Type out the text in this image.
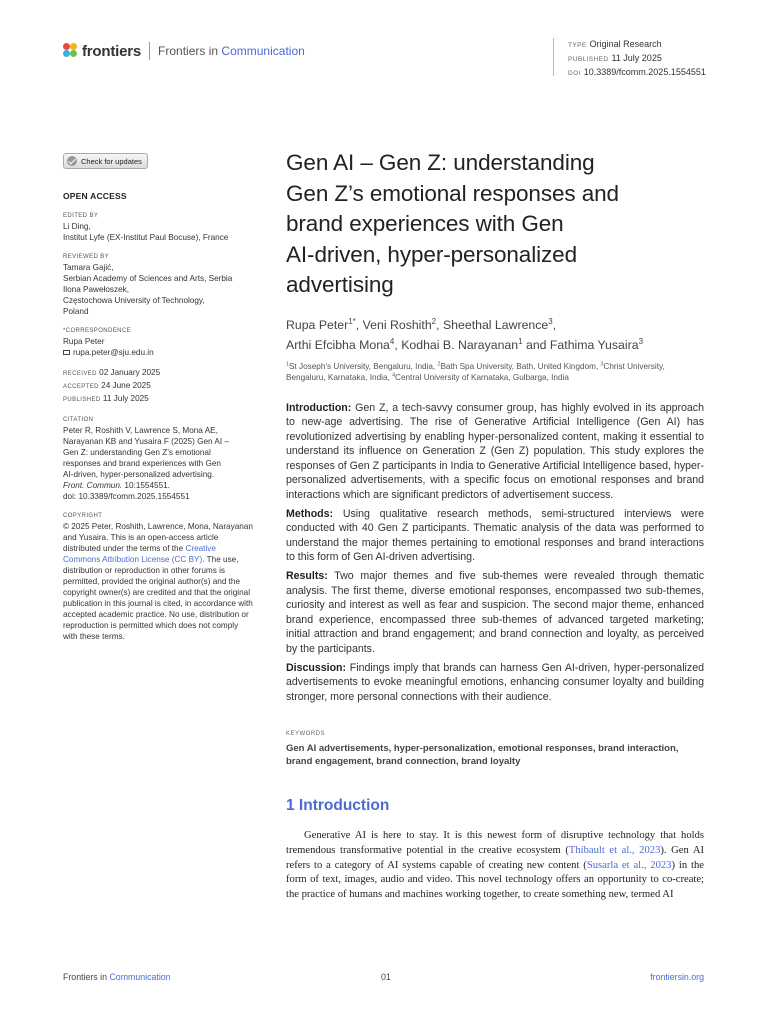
frontiers Frontiers in Communication	TYPE Original Research
PUBLISHED 11 July 2025
DOI 10.3389/fcomm.2025.1554551
Check for updates
OPEN ACCESS
EDITED BY
Li Ding,
Institut Lyfe (EX-Institut Paul Bocuse), France
REVIEWED BY
Tamara Gajić,
Serbian Academy of Sciences and Arts, Serbia
Ilona Pawełoszek,
Częstochowa University of Technology,
Poland
*CORRESPONDENCE
Rupa Peter
rupa.peter@sju.edu.in
RECEIVED 02 January 2025
ACCEPTED 24 June 2025
PUBLISHED 11 July 2025
CITATION
Peter R, Roshith V, Lawrence S, Mona AE,
Narayanan KB and Yusaira F (2025) Gen AI –
Gen Z: understanding Gen Z’s emotional
responses and brand experiences with Gen
AI-driven, hyper-personalized advertising.
Front. Commun. 10:1554551.
doi: 10.3389/fcomm.2025.1554551
COPYRIGHT
© 2025 Peter, Roshith, Lawrence, Mona, Narayanan and Yusaira. This is an open-access article distributed under the terms of the Creative Commons Attribution License (CC BY). The use, distribution or reproduction in other forums is permitted, provided the original author(s) and the copyright owner(s) are credited and that the original publication in this journal is cited, in accordance with accepted academic practice. No use, distribution or reproduction is permitted which does not comply with these terms.
Gen AI – Gen Z: understanding
Gen Z’s emotional responses and
brand experiences with Gen
AI-driven, hyper-personalized
advertising
Rupa Peter$^{1*}$, Veni Roshith$^2$, Sheethal Lawrence$^3$,
Arthi Efcibha Mona$^4$, Kodhai B. Narayanan$^1$ and Fathima Yusaira$^3$
$^1$St Joseph’s University, Bengaluru, India, $^2$Bath Spa University, Bath, United Kingdom, $^3$Christ University, Bengaluru, Karnataka, India, $^4$Central University of Karnataka, Gulbarga, India

Introduction: Gen Z, a tech-savvy consumer group, has highly evolved in its approach to new-age advertising. The rise of Generative Artificial Intelligence (Gen AI) has revolutionized advertising by enabling hyper-personalized content, making it essential to understand its influence on Generation Z (Gen Z) population. This study explores the responses of Gen Z participants in India to Generative Artificial Intelligence based, hyper-personalized advertisements, with a specific focus on emotional responses and brand interactions which are significant predictors of advertisement success.

Methods: Using qualitative research methods, semi-structured interviews were conducted with 40 Gen Z participants. Thematic analysis of the data was performed to understand the major themes pertaining to emotional responses and brand interactions to this form of Gen AI-driven advertising.

Results: Two major themes and five sub-themes were revealed through thematic analysis. The first theme, diverse emotional responses, encompassed two sub-themes, curiosity and interest as well as fear and suspicion. The second major theme, enhanced brand experience, encompassed three sub-themes of advanced targeted marketing; initial attraction and brand engagement; and brand connection and loyalty, as perceived by the participants.

Discussion: Findings imply that brands can harness Gen AI-driven, hyper-personalized advertisements to evoke meaningful emotions, enhancing consumer loyalty and building stronger, more personal connections with their audience.

KEYWORDS
Gen AI advertisements, hyper-personalization, emotional responses, brand interaction, brand engagement, brand connection, brand loyalty
1 Introduction

Generative AI is here to stay. It is this newest form of disruptive technology that holds tremendous transformative potential in the creative ecosystem (Thibault et al., 2023). Gen AI refers to a category of AI systems capable of creating new content (Susarla et al., 2023) in the form of text, images, audio and video. This novel technology offers an opportunity to co-create; the practice of humans and machines working together, to create something new, termed AI

Frontiers in Communication	01	frontiersin.org
